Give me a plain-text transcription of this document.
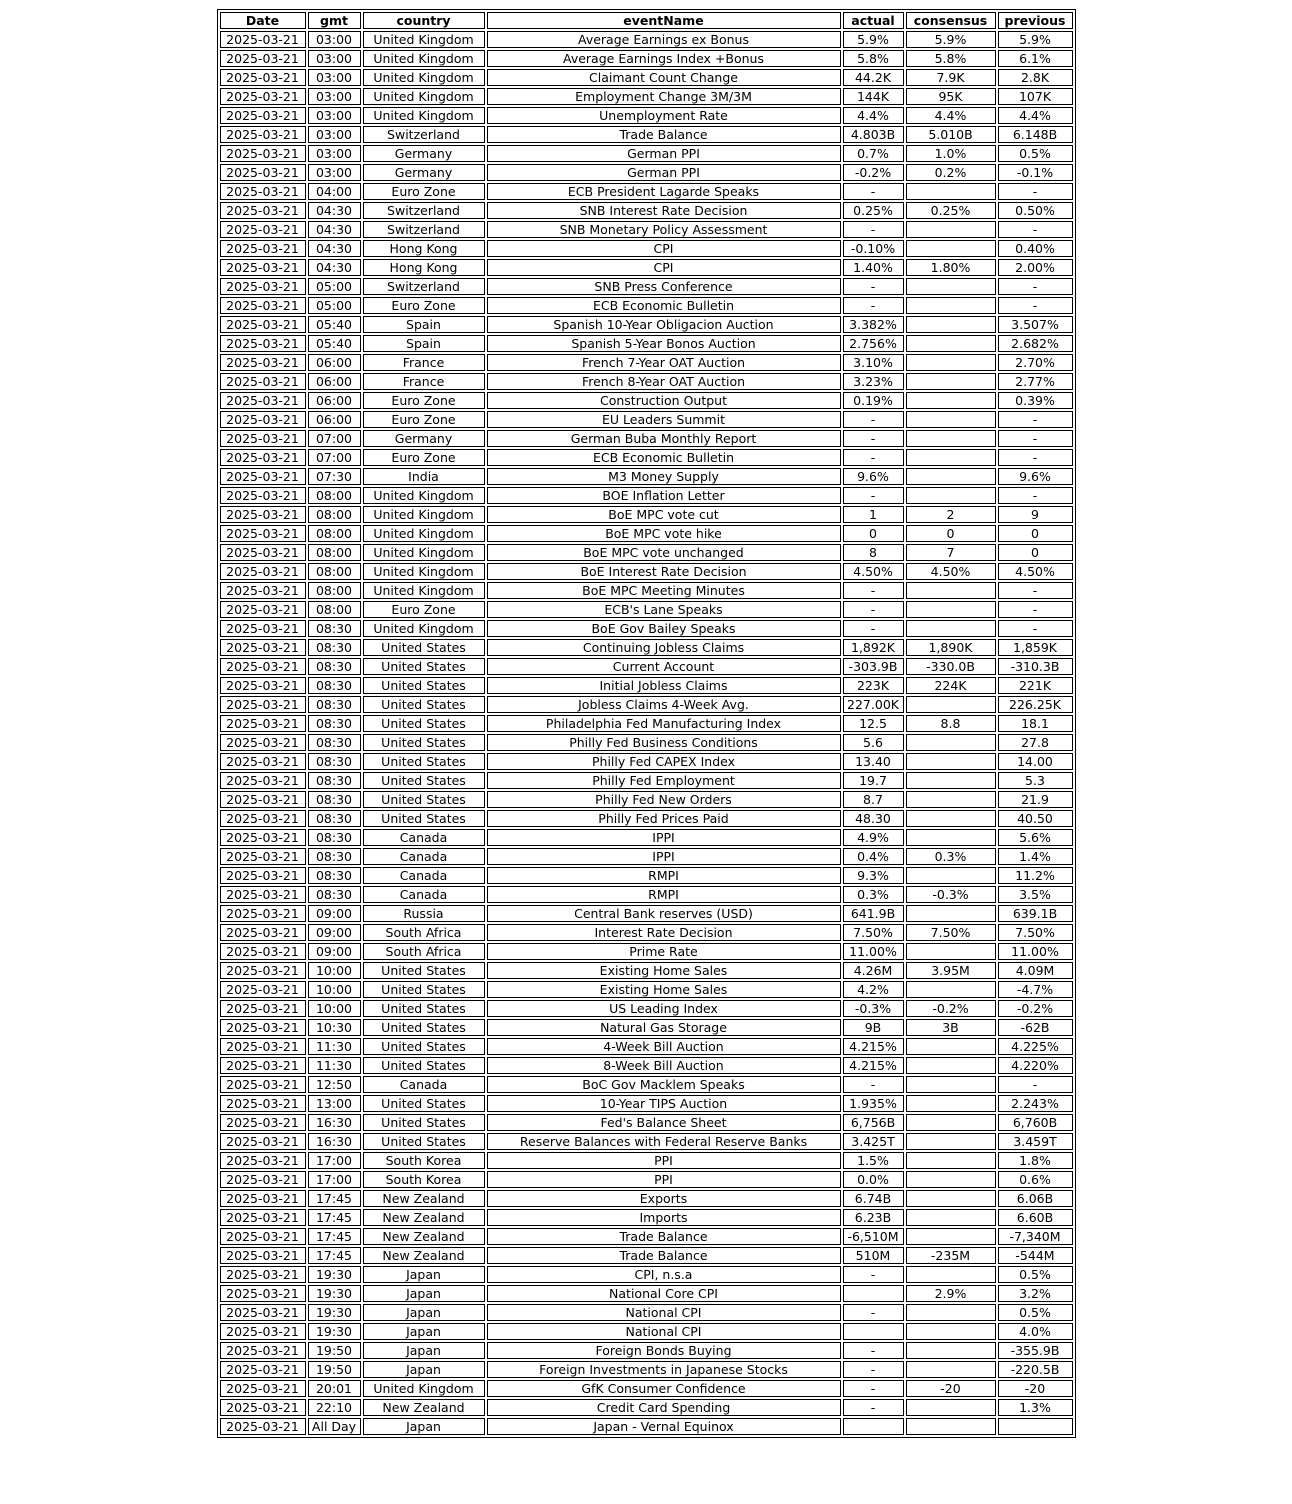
Date	gmt	country	eventName	actual	consensus	previous
2025-03-21	03:00	United Kingdom	Average Earnings ex Bonus	5.9%	5.9%	5.9%
2025-03-21	03:00	United Kingdom	Average Earnings Index +Bonus	5.8%	5.8%	6.1%
2025-03-21	03:00	United Kingdom	Claimant Count Change	44.2K	7.9K	2.8K
2025-03-21	03:00	United Kingdom	Employment Change 3M/3M	144K	95K	107K
2025-03-21	03:00	United Kingdom	Unemployment Rate	4.4%	4.4%	4.4%
2025-03-21	03:00	Switzerland	Trade Balance	4.803B	5.010B	6.148B
2025-03-21	03:00	Germany	German PPI	0.7%	1.0%	0.5%
2025-03-21	03:00	Germany	German PPI	-0.2%	0.2%	-0.1%
2025-03-21	04:00	Euro Zone	ECB President Lagarde Speaks	-		-
2025-03-21	04:30	Switzerland	SNB Interest Rate Decision	0.25%	0.25%	0.50%
2025-03-21	04:30	Switzerland	SNB Monetary Policy Assessment	-		-
2025-03-21	04:30	Hong Kong	CPI	-0.10%		0.40%
2025-03-21	04:30	Hong Kong	CPI	1.40%	1.80%	2.00%
2025-03-21	05:00	Switzerland	SNB Press Conference	-		-
2025-03-21	05:00	Euro Zone	ECB Economic Bulletin	-		-
2025-03-21	05:40	Spain	Spanish 10-Year Obligacion Auction	3.382%		3.507%
2025-03-21	05:40	Spain	Spanish 5-Year Bonos Auction	2.756%		2.682%
2025-03-21	06:00	France	French 7-Year OAT Auction	3.10%		2.70%
2025-03-21	06:00	France	French 8-Year OAT Auction	3.23%		2.77%
2025-03-21	06:00	Euro Zone	Construction Output	0.19%		0.39%
2025-03-21	06:00	Euro Zone	EU Leaders Summit	-		-
2025-03-21	07:00	Germany	German Buba Monthly Report	-		-
2025-03-21	07:00	Euro Zone	ECB Economic Bulletin	-		-
2025-03-21	07:30	India	M3 Money Supply	9.6%		9.6%
2025-03-21	08:00	United Kingdom	BOE Inflation Letter	-		-
2025-03-21	08:00	United Kingdom	BoE MPC vote cut	1	2	9
2025-03-21	08:00	United Kingdom	BoE MPC vote hike	0	0	0
2025-03-21	08:00	United Kingdom	BoE MPC vote unchanged	8	7	0
2025-03-21	08:00	United Kingdom	BoE Interest Rate Decision	4.50%	4.50%	4.50%
2025-03-21	08:00	United Kingdom	BoE MPC Meeting Minutes	-		-
2025-03-21	08:00	Euro Zone	ECB's Lane Speaks	-		-
2025-03-21	08:30	United Kingdom	BoE Gov Bailey Speaks	-		-
2025-03-21	08:30	United States	Continuing Jobless Claims	1,892K	1,890K	1,859K
2025-03-21	08:30	United States	Current Account	-303.9B	-330.0B	-310.3B
2025-03-21	08:30	United States	Initial Jobless Claims	223K	224K	221K
2025-03-21	08:30	United States	Jobless Claims 4-Week Avg.	227.00K		226.25K
2025-03-21	08:30	United States	Philadelphia Fed Manufacturing Index	12.5	8.8	18.1
2025-03-21	08:30	United States	Philly Fed Business Conditions	5.6		27.8
2025-03-21	08:30	United States	Philly Fed CAPEX Index	13.40		14.00
2025-03-21	08:30	United States	Philly Fed Employment	19.7		5.3
2025-03-21	08:30	United States	Philly Fed New Orders	8.7		21.9
2025-03-21	08:30	United States	Philly Fed Prices Paid	48.30		40.50
2025-03-21	08:30	Canada	IPPI	4.9%		5.6%
2025-03-21	08:30	Canada	IPPI	0.4%	0.3%	1.4%
2025-03-21	08:30	Canada	RMPI	9.3%		11.2%
2025-03-21	08:30	Canada	RMPI	0.3%	-0.3%	3.5%
2025-03-21	09:00	Russia	Central Bank reserves (USD)	641.9B		639.1B
2025-03-21	09:00	South Africa	Interest Rate Decision	7.50%	7.50%	7.50%
2025-03-21	09:00	South Africa	Prime Rate	11.00%		11.00%
2025-03-21	10:00	United States	Existing Home Sales	4.26M	3.95M	4.09M
2025-03-21	10:00	United States	Existing Home Sales	4.2%		-4.7%
2025-03-21	10:00	United States	US Leading Index	-0.3%	-0.2%	-0.2%
2025-03-21	10:30	United States	Natural Gas Storage	9B	3B	-62B
2025-03-21	11:30	United States	4-Week Bill Auction	4.215%		4.225%
2025-03-21	11:30	United States	8-Week Bill Auction	4.215%		4.220%
2025-03-21	12:50	Canada	BoC Gov Macklem Speaks	-		-
2025-03-21	13:00	United States	10-Year TIPS Auction	1.935%		2.243%
2025-03-21	16:30	United States	Fed's Balance Sheet	6,756B		6,760B
2025-03-21	16:30	United States	Reserve Balances with Federal Reserve Banks	3.425T		3.459T
2025-03-21	17:00	South Korea	PPI	1.5%		1.8%
2025-03-21	17:00	South Korea	PPI	0.0%		0.6%
2025-03-21	17:45	New Zealand	Exports	6.74B		6.06B
2025-03-21	17:45	New Zealand	Imports	6.23B		6.60B
2025-03-21	17:45	New Zealand	Trade Balance	-6,510M		-7,340M
2025-03-21	17:45	New Zealand	Trade Balance	510M	-235M	-544M
2025-03-21	19:30	Japan	CPI, n.s.a	-		0.5%
2025-03-21	19:30	Japan	National Core CPI		2.9%	3.2%
2025-03-21	19:30	Japan	National CPI	-		0.5%
2025-03-21	19:30	Japan	National CPI			4.0%
2025-03-21	19:50	Japan	Foreign Bonds Buying	-		-355.9B
2025-03-21	19:50	Japan	Foreign Investments in Japanese Stocks	-		-220.5B
2025-03-21	20:01	United Kingdom	GfK Consumer Confidence	-	-20	-20
2025-03-21	22:10	New Zealand	Credit Card Spending	-		1.3%
2025-03-21	All Day	Japan	Japan - Vernal Equinox			
